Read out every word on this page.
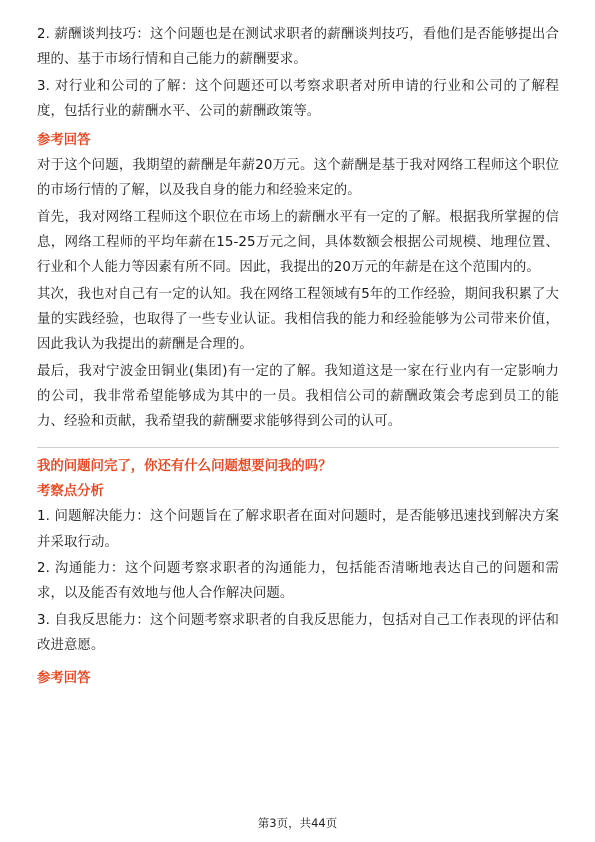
2. 薪酬谈判技巧：这个问题也是在测试求职者的薪酬谈判技巧，看他们是否能够提出合理的、基于市场行情和自己能力的薪酬要求。

3. 对行业和公司的了解：这个问题还可以考察求职者对所申请的行业和公司的了解程度，包括行业的薪酬水平、公司的薪酬政策等。

参考回答

对于这个问题，我期望的薪酬是年薪20万元。这个薪酬是基于我对网络工程师这个职位的市场行情的了解，以及我自身的能力和经验来定的。

首先，我对网络工程师这个职位在市场上的薪酬水平有一定的了解。根据我所掌握的信息，网络工程师的平均年薪在15-25万元之间，具体数额会根据公司规模、地理位置、行业和个人能力等因素有所不同。因此，我提出的20万元的年薪是在这个范围内的。

其次，我也对自己有一定的认知。我在网络工程领域有5年的工作经验，期间我积累了大量的实践经验，也取得了一些专业认证。我相信我的能力和经验能够为公司带来价值，因此我认为我提出的薪酬是合理的。

最后，我对宁波金田铜业(集团)有一定的了解。我知道这是一家在行业内有一定影响力的公司，我非常希望能够成为其中的一员。我相信公司的薪酬政策会考虑到员工的能力、经验和贡献，我希望我的薪酬要求能够得到公司的认可。

我的问题问完了，你还有什么问题想要问我的吗？

考察点分析

1. 问题解决能力：这个问题旨在了解求职者在面对问题时，是否能够迅速找到解决方案并采取行动。

2. 沟通能力：这个问题考察求职者的沟通能力，包括能否清晰地表达自己的问题和需求，以及能否有效地与他人合作解决问题。

3. 自我反思能力：这个问题考察求职者的自我反思能力，包括对自己工作表现的评估和改进意愿。

参考回答

第3页，共44页
